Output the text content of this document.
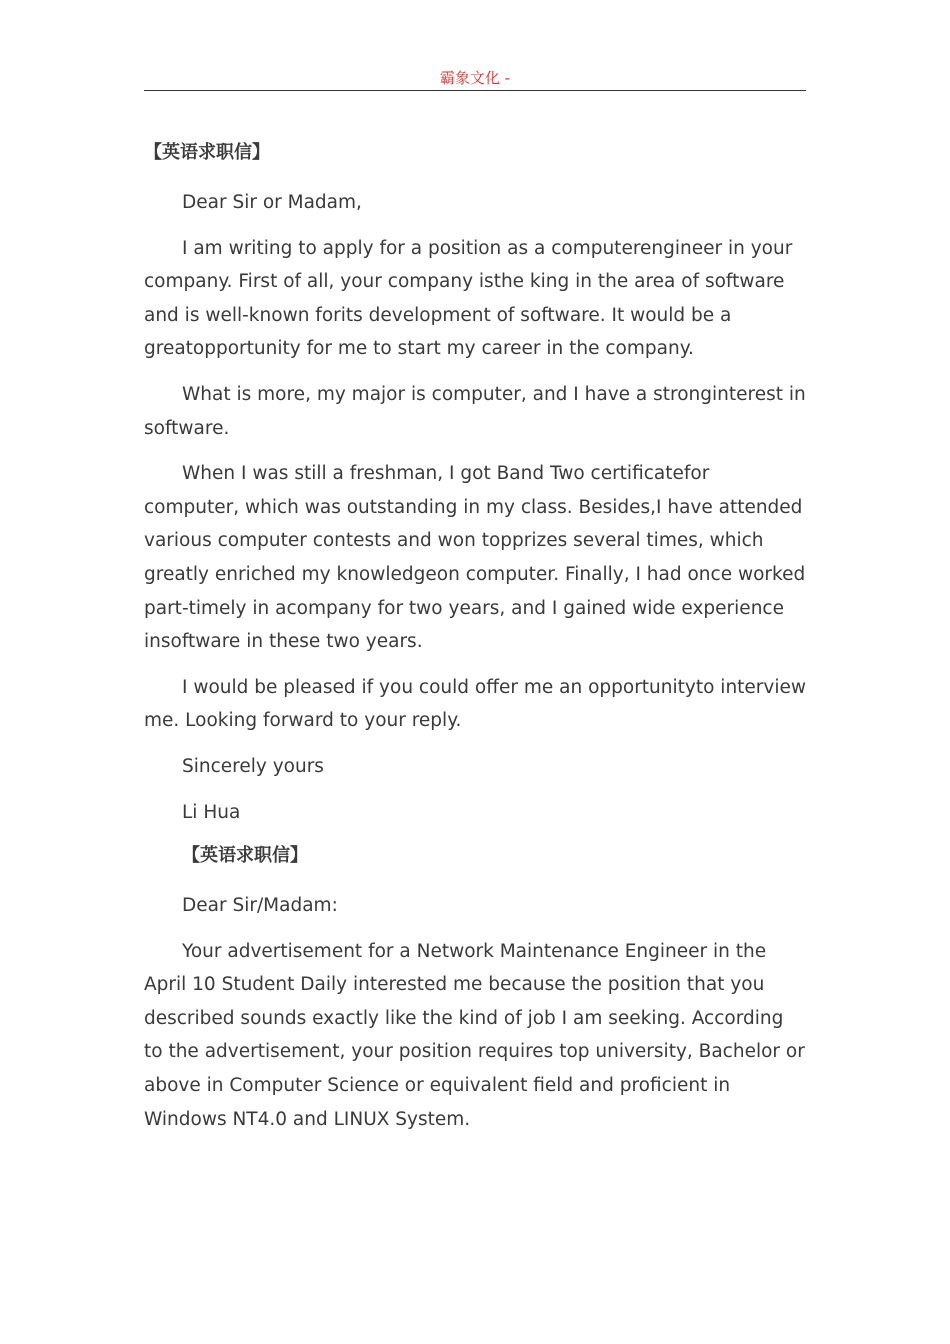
霸象文化 -
【英语求职信】

Dear Sir or Madam,

I am writing to apply for a position as a computerengineer in your company. First of all, your company isthe king in the area of software and is well-known forits development of software. It would be a greatopportunity for me to start my career in the company.

What is more, my major is computer, and I have a stronginterest in software.

When I was still a freshman, I got Band Two certificatefor computer, which was outstanding in my class. Besides,I have attended various computer contests and won topprizes several times, which greatly enriched my knowledgeon computer. Finally, I had once worked part-timely in acompany for two years, and I gained wide experience insoftware in these two years.

I would be pleased if you could offer me an opportunityto interview me. Looking forward to your reply.

Sincerely yours

Li Hua

【英语求职信】

Dear Sir/Madam:

Your advertisement for a Network Maintenance Engineer in the April 10 Student Daily interested me because the position that you described sounds exactly like the kind of job I am seeking. According to the advertisement, your position requires top university, Bachelor or above in Computer Science or equivalent field and proficient in Windows NT4.0 and LINUX System.
